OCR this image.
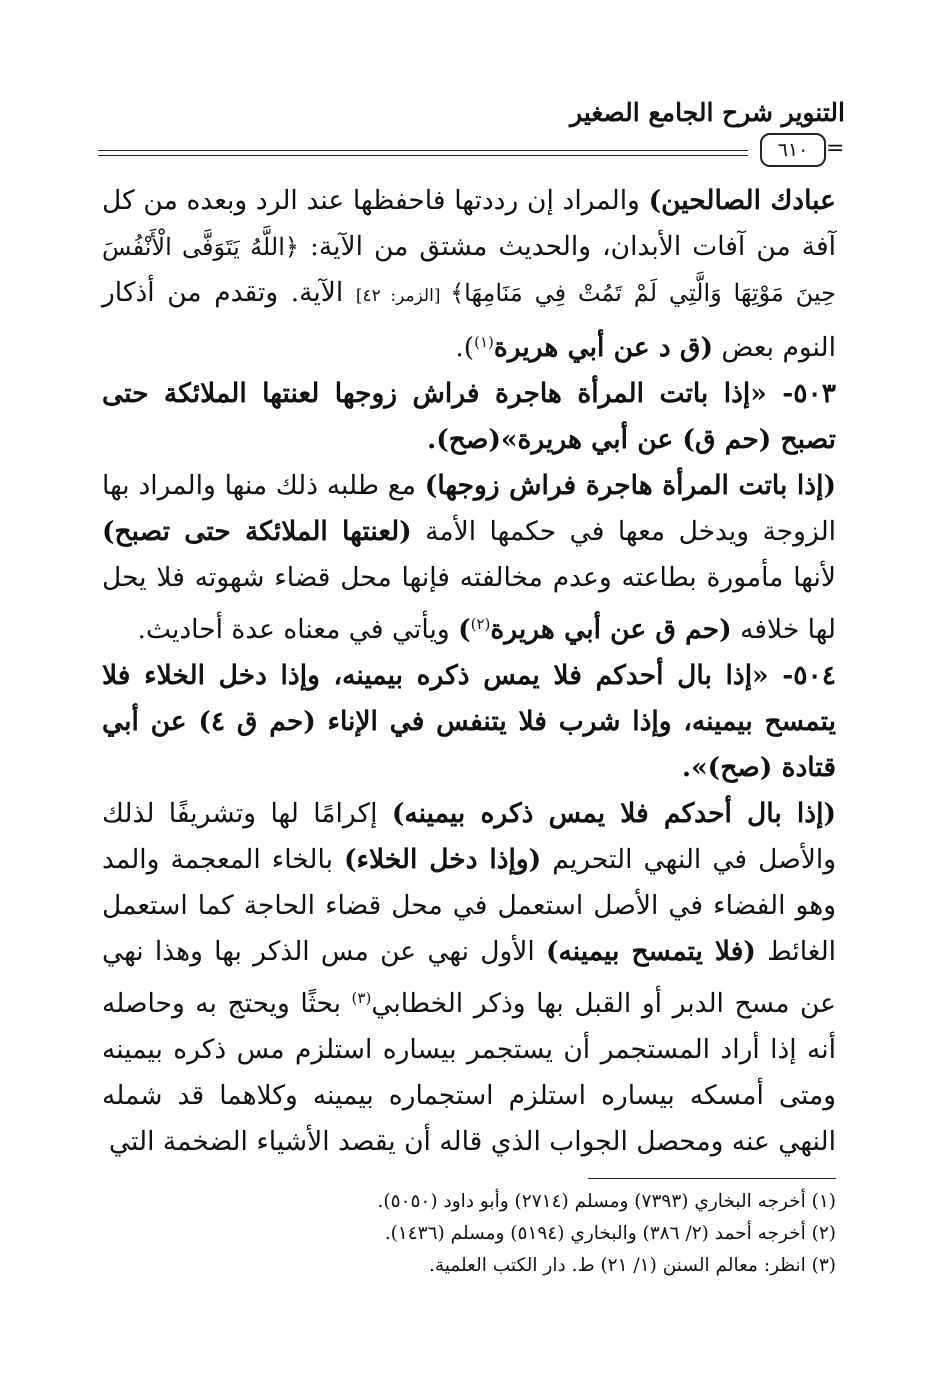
التنوير شرح الجامع الصغير
٦١٠ =

عبادك الصالحين) والمراد إن رددتها فاحفظها عند الرد وبعده من كل آفة من آفات الأبدان، والحديث مشتق من الآية: ﴿اللَّهُ يَتَوَفَّى الْأَنْفُسَ حِينَ مَوْتِهَا وَالَّتِي لَمْ تَمُتْ فِي مَنَامِهَا﴾ [الزمر: ٤٢] الآية. وتقدم من أذكار النوم بعض (ق د عن أبي هريرة$^{(١)}$).

٥٠٣- «إذا باتت المرأة هاجرة فراش زوجها لعنتها الملائكة حتى تصبح (حم ق) عن أبي هريرة»(صح).

(إذا باتت المرأة هاجرة فراش زوجها) مع طلبه ذلك منها والمراد بها الزوجة ويدخل معها في حكمها الأمة (لعنتها الملائكة حتى تصبح) لأنها مأمورة بطاعته وعدم مخالفته فإنها محل قضاء شهوته فلا يحل لها خلافه (حم ق عن أبي هريرة$^{(٢)}$) ويأتي في معناه عدة أحاديث.

٥٠٤- «إذا بال أحدكم فلا يمس ذكره بيمينه، وإذا دخل الخلاء فلا يتمسح بيمينه، وإذا شرب فلا يتنفس في الإناء (حم ق ٤) عن أبي قتادة (صح)».

(إذا بال أحدكم فلا يمس ذكره بيمينه) إكرامًا لها وتشريفًا لذلك والأصل في النهي التحريم (وإذا دخل الخلاء) بالخاء المعجمة والمد وهو الفضاء في الأصل استعمل في محل قضاء الحاجة كما استعمل الغائط (فلا يتمسح بيمينه) الأول نهي عن مس الذكر بها وهذا نهي عن مسح الدبر أو القبل بها وذكر الخطابي$^{(٣)}$ بحثًا ويحتج به وحاصله أنه إذا أراد المستجمر أن يستجمر بيساره استلزم مس ذكره بيمينه ومتى أمسكه بيساره استلزم استجماره بيمينه وكلاهما قد شمله النهي عنه ومحصل الجواب الذي قاله أن يقصد الأشياء الضخمة التي

(١) أخرجه البخاري (٧٣٩٣) ومسلم (٢٧١٤) وأبو داود (٥٠٥٠).
(٢) أخرجه أحمد (٢/ ٣٨٦) والبخاري (٥١٩٤) ومسلم (١٤٣٦).
(٣) انظر: معالم السنن (١/ ٢١) ط. دار الكتب العلمية.
